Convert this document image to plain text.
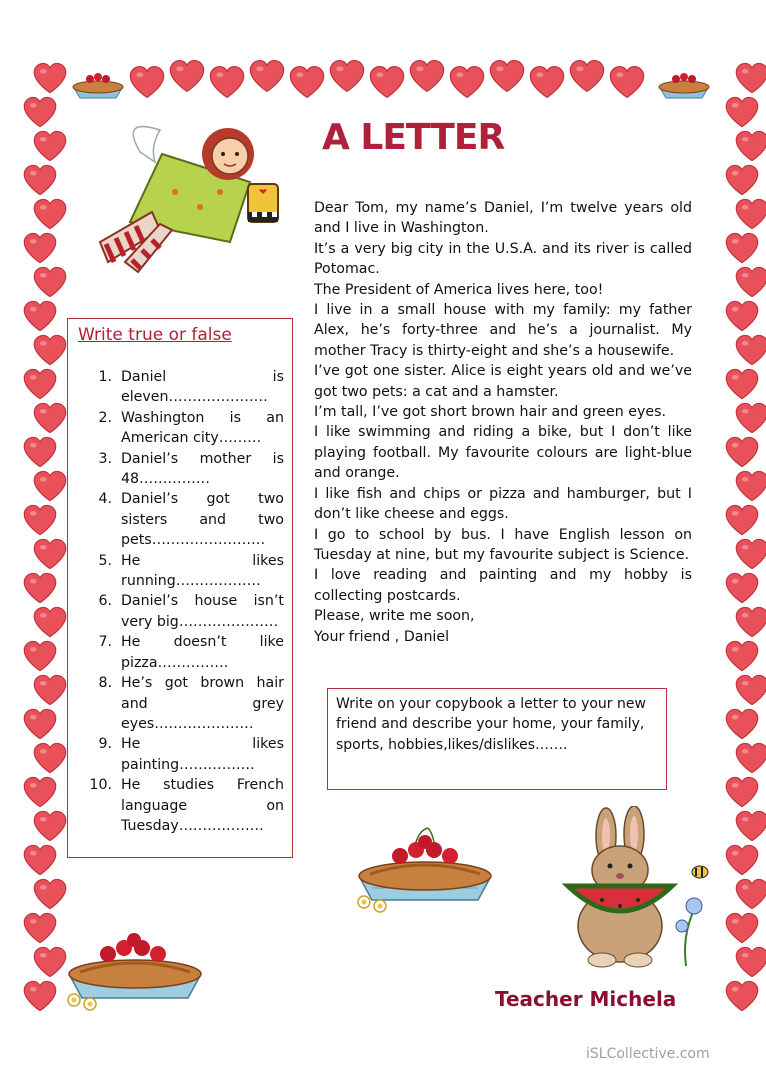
A LETTER

Dear Tom, my name’s Daniel, I’m twelve years old and I live in Washington.

It’s a very big city in the U.S.A. and its river is called Potomac.

The President of America lives here, too!

I live in a small house with my family: my father Alex, he’s forty-three and he’s a journalist. My mother Tracy is thirty-eight and she’s a housewife.

I’ve got one sister. Alice is eight years old and we’ve got two pets: a cat and a hamster.

I’m tall, I’ve got short brown hair and green eyes.

I like swimming and riding a bike, but I don’t like playing football. My favourite colours are light-blue and orange.

I like fish and chips or pizza and hamburger, but I don’t like cheese and eggs.

I go to school by bus. I have English lesson on Tuesday at nine, but my favourite subject is Science.

I love reading and painting and my hobby is collecting postcards.

Please, write me soon,

Your friend , Daniel

Write true or false

1. Daniel is eleven…………………
2. Washington is an American city………
3. Daniel’s mother is 48……………
4. Daniel’s got two sisters and two pets……………………
5. He likes running………………
6. Daniel’s house isn’t very big…………………
7. He doesn’t like pizza……………
8. He’s got brown hair and grey eyes…………………
9. He likes painting…………….
10. He studies French language on Tuesday………………

Write on your copybook a letter to your new friend and describe your home, your family, sports, hobbies,likes/dislikes…….

Teacher Michela

iSLCollective.com
